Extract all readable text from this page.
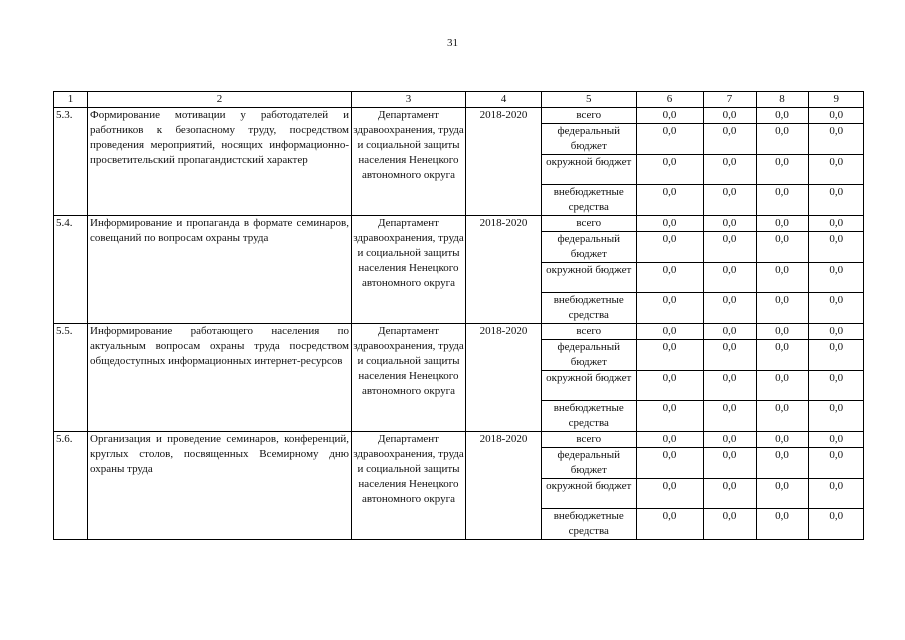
31
1	2	3	4		5	6	7	8	9

5.3.	Формирование мотивации у работодателей и работников к безопасному труду, посредством проведения мероприятий, носящих информационно-просветительский пропагандистский характер	Департамент здравоохранения, труда и социальной защиты населения Ненецкого автономного округа	2018-2020		всего	0,0	0,0	0,0	0,0
федеральный бюджет	0,0	0,0	0,0	0,0
окружной бюджет	0,0	0,0	0,0	0,0
внебюджетные средства	0,0	0,0	0,0	0,0

5.4.	Информирование и пропаганда в формате семинаров, совещаний по вопросам охраны труда	Департамент здравоохранения, труда и социальной защиты населения Ненецкого автономного округа	2018-2020		всего	0,0	0,0	0,0	0,0
федеральный бюджет	0,0	0,0	0,0	0,0
окружной бюджет	0,0	0,0	0,0	0,0
внебюджетные средства	0,0	0,0	0,0	0,0

5.5.	Информирование работающего населения по актуальным вопросам охраны труда посредством общедоступных информационных интернет-ресурсов	Департамент здравоохранения, труда и социальной защиты населения Ненецкого автономного округа	2018-2020		всего	0,0	0,0	0,0	0,0
федеральный бюджет	0,0	0,0	0,0	0,0
окружной бюджет	0,0	0,0	0,0	0,0
внебюджетные средства	0,0	0,0	0,0	0,0

5.6.	Организация и проведение семинаров, конференций, круглых столов, посвященных Всемирному дню охраны труда	Департамент здравоохранения, труда и социальной защиты населения Ненецкого автономного округа	2018-2020		всего	0,0	0,0	0,0	0,0
федеральный бюджет	0,0	0,0	0,0	0,0
окружной бюджет	0,0	0,0	0,0	0,0
внебюджетные средства	0,0	0,0	0,0	0,0
